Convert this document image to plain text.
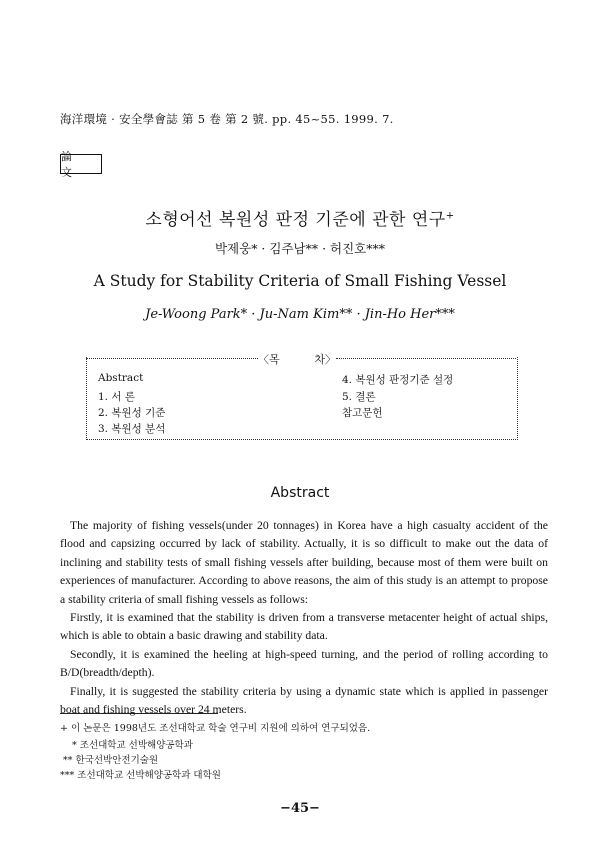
海洋環境 · 安全學會誌 第 5 卷 第 2 號. pp. 45~55. 1999. 7.
論 文
소형어선 복원성 판정 기준에 관한 연구+
박제웅* · 김주남** · 허진호***
A Study for Stability Criteria of Small Fishing Vessel
Je-Woong Park* · Ju-Nam Kim** · Jin-Ho Her***
〈목	차〉
Abstract
1. 서 론
2. 복원성 기준
3. 복원성 분석
4. 복원성 판정기준 설정
5. 결론
참고문헌
Abstract

The majority of fishing vessels(under 20 tonnages) in Korea have a high casualty accident of the flood and capsizing occurred by lack of stability. Actually, it is so difficult to make out the data of inclining and stability tests of small fishing vessels after building, because most of them were built on experiences of manufacturer. According to above reasons, the aim of this study is an attempt to propose a stability criteria of small fishing vessels as follows:

Firstly, it is examined that the stability is driven from a transverse metacenter height of actual ships, which is able to obtain a basic drawing and stability data.

Secondly, it is examined the heeling at high-speed turning, and the period of rolling according to B/D(breadth/depth).

Finally, it is suggested the stability criteria by using a dynamic state which is applied in passenger boat and fishing vessels over 24 meters.

+ 이 논문은 1998년도 조선대학교 학술 연구비 지원에 의하여 연구되었음.
* 조선대학교 선박해양공학과
** 한국선박안전기술원
*** 조선대학교 선박해양공학과 대학원
−45−
